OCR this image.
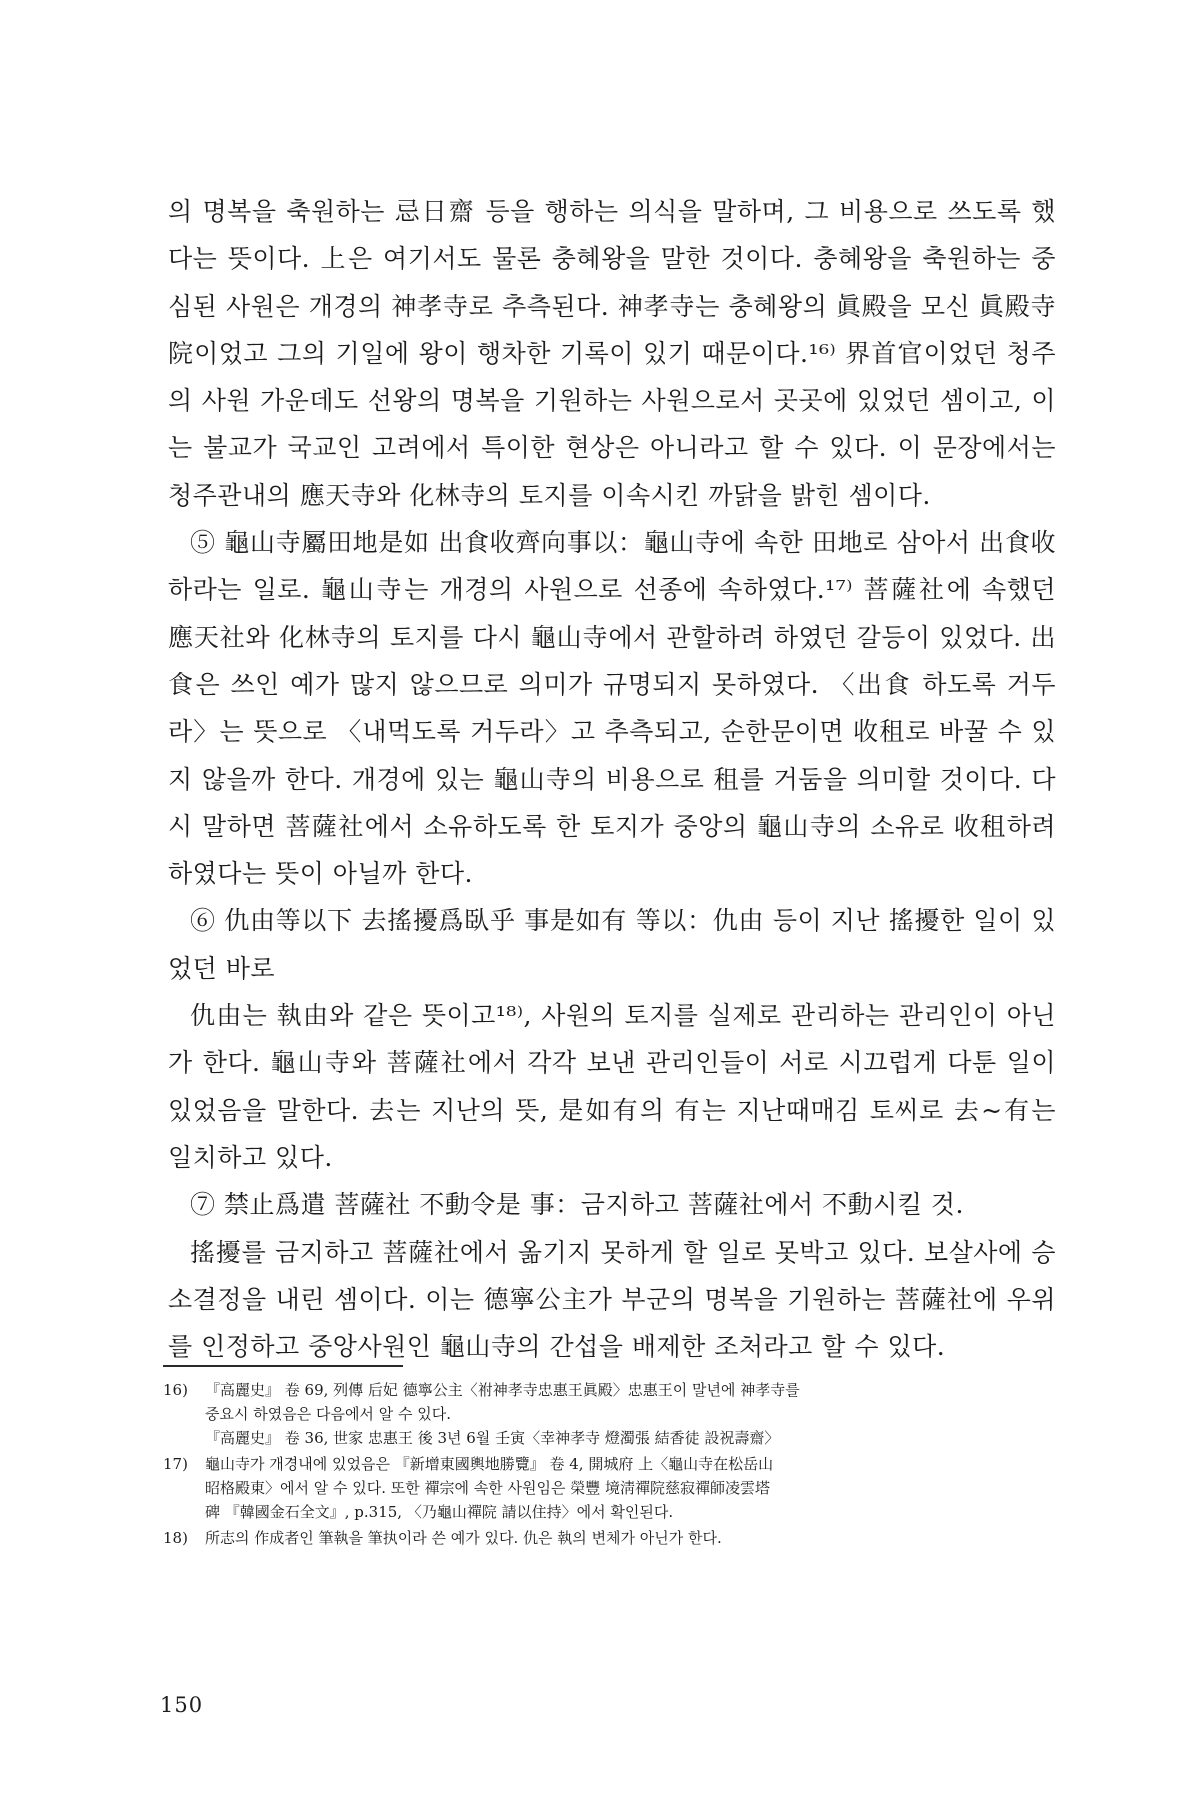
의 명복을 축원하는 忌日齋 등을 행하는 의식을 말하며, 그 비용으로 쓰도록 했다는 뜻이다. 上은 여기서도 물론 충혜왕을 말한 것이다. 충혜왕을 축원하는 중심된 사원은 개경의 神孝寺로 추측된다. 神孝寺는 충혜왕의 眞殿을 모신 眞殿寺院이었고 그의 기일에 왕이 행차한 기록이 있기 때문이다.¹⁶⁾ 界首官이었던 청주의 사원 가운데도 선왕의 명복을 기원하는 사원으로서 곳곳에 있었던 셈이고, 이는 불교가 국교인 고려에서 특이한 현상은 아니라고 할 수 있다. 이 문장에서는 청주관내의 應天寺와 化林寺의 토지를 이속시킨 까닭을 밝힌 셈이다.

⑤ 龜山寺屬田地是如 出食收齊向事以：龜山寺에 속한 田地로 삼아서 出食收하라는 일로. 龜山寺는 개경의 사원으로 선종에 속하였다.¹⁷⁾ 菩薩社에 속했던 應天社와 化林寺의 토지를 다시 龜山寺에서 관할하려 하였던 갈등이 있었다. 出食은 쓰인 예가 많지 않으므로 의미가 규명되지 못하였다. 〈出食 하도록 거두라〉는 뜻으로 〈내먹도록 거두라〉고 추측되고, 순한문이면 收租로 바꿀 수 있지 않을까 한다. 개경에 있는 龜山寺의 비용으로 租를 거둠을 의미할 것이다. 다시 말하면 菩薩社에서 소유하도록 한 토지가 중앙의 龜山寺의 소유로 收租하려 하였다는 뜻이 아닐까 한다.

⑥ 仇由等以下 去搖擾爲臥乎 事是如有 等以：仇由 등이 지난 搖擾한 일이 있었던 바로

仇由는 執由와 같은 뜻이고¹⁸⁾, 사원의 토지를 실제로 관리하는 관리인이 아닌가 한다. 龜山寺와 菩薩社에서 각각 보낸 관리인들이 서로 시끄럽게 다툰 일이 있었음을 말한다. 去는 지난의 뜻, 是如有의 有는 지난때매김 토씨로 去~有는 일치하고 있다.

⑦ 禁止爲遣 菩薩社 不動令是 事：금지하고 菩薩社에서 不動시킬 것.

搖擾를 금지하고 菩薩社에서 옮기지 못하게 할 일로 못박고 있다. 보살사에 승소결정을 내린 셈이다. 이는 德寧公主가 부군의 명복을 기원하는 菩薩社에 우위를 인정하고 중앙사원인 龜山寺의 간섭을 배제한 조처라고 할 수 있다.

16)	『高麗史』 卷 69, 列傳 后妃 德寧公主〈祔神孝寺忠惠王眞殿〉忠惠王이 말년에 神孝寺를
중요시 하였음은 다음에서 알 수 있다.
『高麗史』 卷 36, 世家 忠惠王 後 3년 6월 壬寅〈幸神孝寺 燈濁張 結香徒 設祝壽齋〉
17)	龜山寺가 개경내에 있었음은 『新增東國輿地勝覽』 卷 4, 開城府 上〈龜山寺在松岳山
昭格殿東〉에서 알 수 있다. 또한 禪宗에 속한 사원임은 榮豐 境淸禪院慈寂禪師凌雲塔
碑 『韓國金石全文』, p.315, 〈乃龜山禪院 請以住持〉에서 확인된다.
18)	所志의 作成者인 筆執을 筆执이라 쓴 예가 있다. 仇은 執의 변체가 아닌가 한다.
150
